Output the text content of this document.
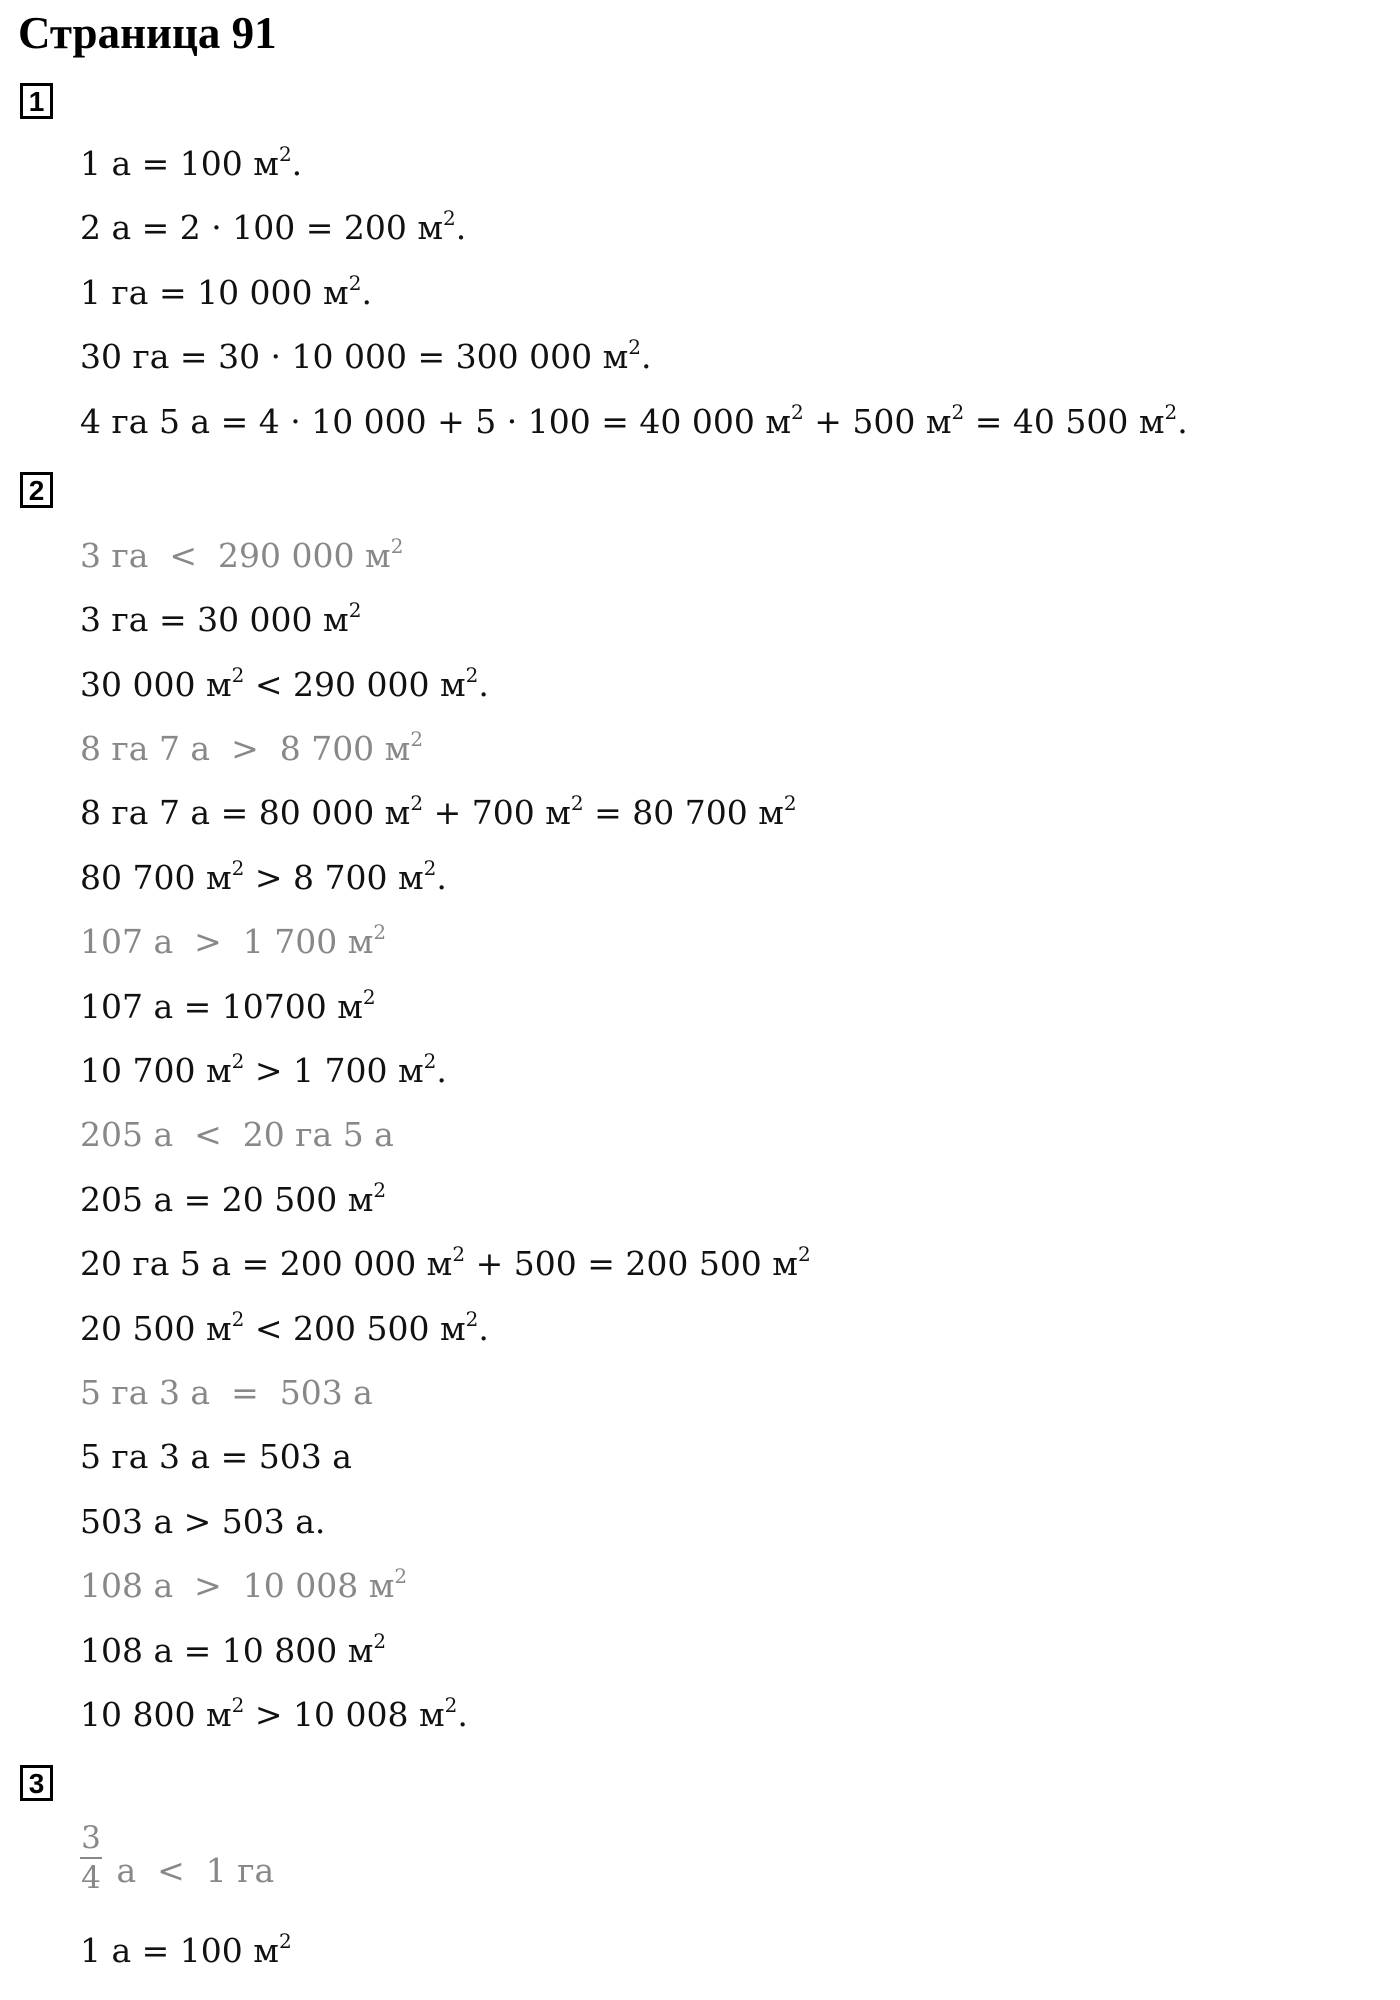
Страница 91
1
1 а = 100 $м^2$.
2 а = 2 · 100 = 200 $м^2$.
1 га = 10 000 $м^2$.
30 га = 30 · 10 000 = 300 000 $м^2$.
4 га 5 а = 4 · 10 000 + 5 · 100 = 40 000 $м^2 + 500$ $м^2 = 40$ 500 $м^2$.
2
3 га  <  290 000 $м^2$
3 га = 30 000 $м^2$
30 000 $м^2 < 290$ 000 $м^2$.
8 га 7 а  >  8 700 $м^2$
8 га 7 а = 80 000 $м^2 + 700$ $м^2 = 80$ 700 $м^2$
80 700 $м^2 > 8$ 700 $м^2$.
107 а  >  1 700 $м^2$
107 а = 10700 $м^2$
10 700 $м^2 > 1$ 700 $м^2$.
205 а  <  20 га 5 а
205 а = 20 500 $м^2$
20 га 5 а = 200 000 $м^2 + 500 = 200$ 500 $м^2$
20 500 $м^2 < 200$ 500 $м^2$.
5 га 3 а  =  503 а
5 га 3 а = 503 а
503 а > 503 а.
108 а  >  10 008 $м^2$
108 а = 10 800 $м^2$
10 800 $м^2 > 10$ 008 $м^2$.
3
3
4 а  <  1 га
1 а = 100 $м^2$
